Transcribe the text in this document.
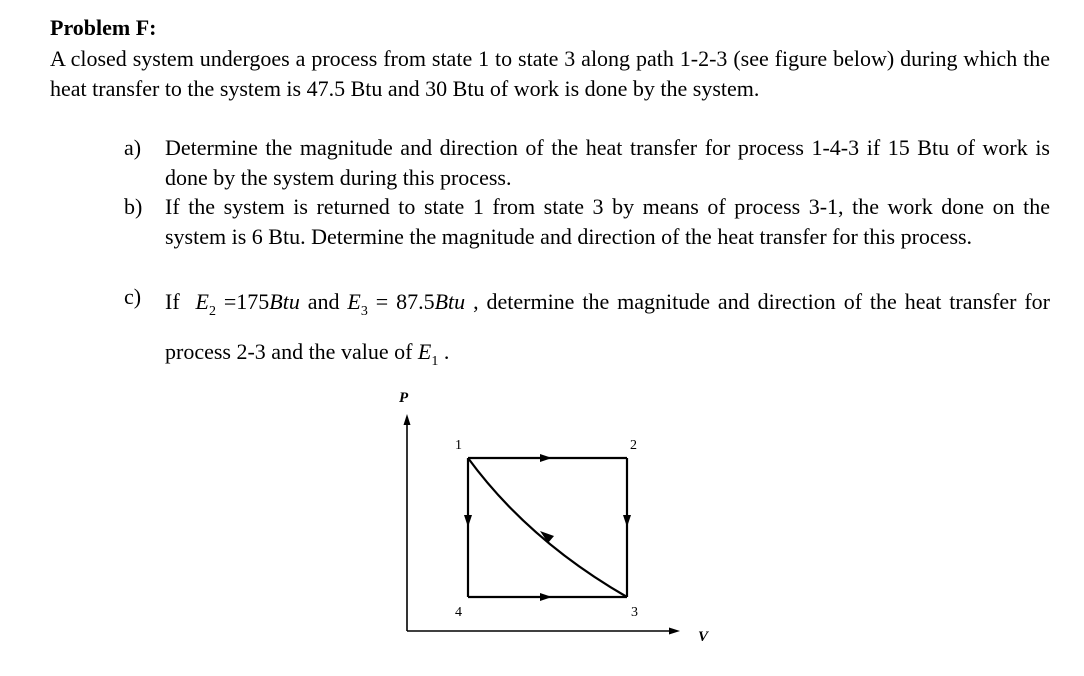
Problem F:
A closed system undergoes a process from state 1 to state 3 along path 1-2-3 (see figure below) during which the heat transfer to the system is 47.5 Btu and 30 Btu of work is done by the system.
a)	Determine the magnitude and direction of the heat transfer for process 1-4-3 if 15 Btu of work is done by the system during this process.
b)	If the system is returned to state 1 from state 3 by means of process 3-1, the work done on the system is 6 Btu. Determine the magnitude and direction of the heat transfer for this process.
c)	If $E_2 =175Btu$ and $E_3 = 87.5Btu$ , determine the magnitude and direction of the heat transfer for process 2-3 and the value of $E_1$ .
P
V
1	2
3
4
